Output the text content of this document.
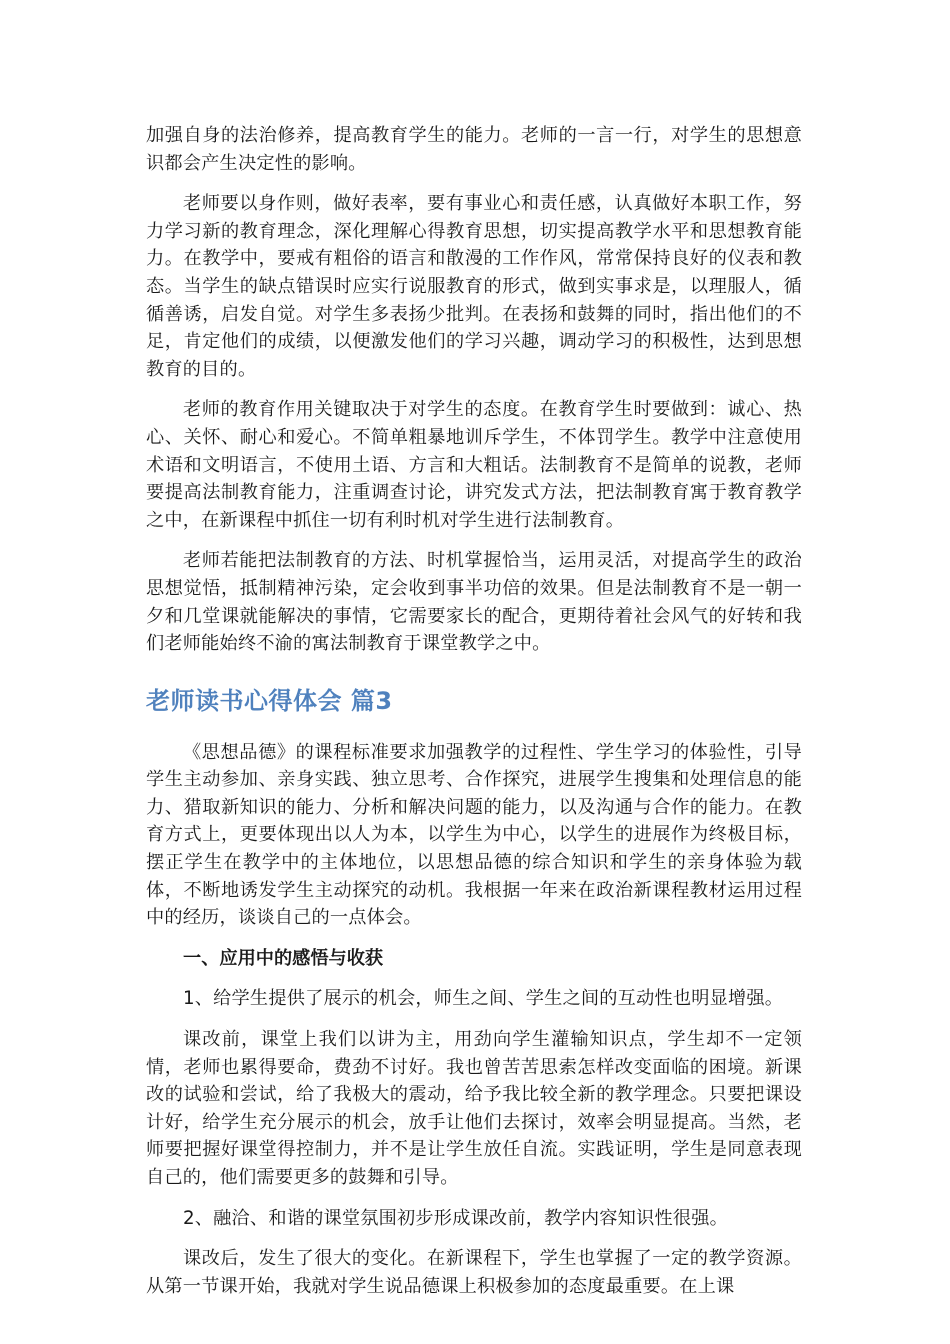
加强自身的法治修养，提高教育学生的能力。老师的一言一行，对学生的思想意识都会产生决定性的影响。

老师要以身作则，做好表率，要有事业心和责任感，认真做好本职工作，努力学习新的教育理念，深化理解心得教育思想，切实提高教学水平和思想教育能力。在教学中，要戒有粗俗的语言和散漫的工作作风，常常保持良好的仪表和教态。当学生的缺点错误时应实行说服教育的形式，做到实事求是，以理服人，循循善诱，启发自觉。对学生多表扬少批判。在表扬和鼓舞的同时，指出他们的不足，肯定他们的成绩，以便激发他们的学习兴趣，调动学习的积极性，达到思想教育的目的。

老师的教育作用关键取决于对学生的态度。在教育学生时要做到：诚心、热心、关怀、耐心和爱心。不简单粗暴地训斥学生，不体罚学生。教学中注意使用术语和文明语言，不使用土语、方言和大粗话。法制教育不是简单的说教，老师要提高法制教育能力，注重调查讨论，讲究发式方法，把法制教育寓于教育教学之中，在新课程中抓住一切有利时机对学生进行法制教育。

老师若能把法制教育的方法、时机掌握恰当，运用灵活，对提高学生的政治思想觉悟，抵制精神污染，定会收到事半功倍的效果。但是法制教育不是一朝一夕和几堂课就能解决的事情，它需要家长的配合，更期待着社会风气的好转和我们老师能始终不渝的寓法制教育于课堂教学之中。

老师读书心得体会 篇3

《思想品德》的课程标准要求加强教学的过程性、学生学习的体验性，引导学生主动参加、亲身实践、独立思考、合作探究，进展学生搜集和处理信息的能力、猎取新知识的能力、分析和解决问题的能力，以及沟通与合作的能力。在教育方式上，更要体现出以人为本，以学生为中心，以学生的进展作为终极目标，摆正学生在教学中的主体地位，以思想品德的综合知识和学生的亲身体验为载体，不断地诱发学生主动探究的动机。我根据一年来在政治新课程教材运用过程中的经历，谈谈自己的一点体会。

一、应用中的感悟与收获

1、给学生提供了展示的机会，师生之间、学生之间的互动性也明显增强。

课改前，课堂上我们以讲为主，用劲向学生灌输知识点，学生却不一定领情，老师也累得要命，费劲不讨好。我也曾苦苦思索怎样改变面临的困境。新课改的试验和尝试，给了我极大的震动，给予我比较全新的教学理念。只要把课设计好，给学生充分展示的机会，放手让他们去探讨，效率会明显提高。当然，老师要把握好课堂得控制力，并不是让学生放任自流。实践证明，学生是同意表现自己的，他们需要更多的鼓舞和引导。

2、融洽、和谐的课堂氛围初步形成课改前，教学内容知识性很强。

课改后，发生了很大的变化。在新课程下，学生也掌握了一定的教学资源。从第一节课开始，我就对学生说品德课上积极参加的态度最重要。在上课
